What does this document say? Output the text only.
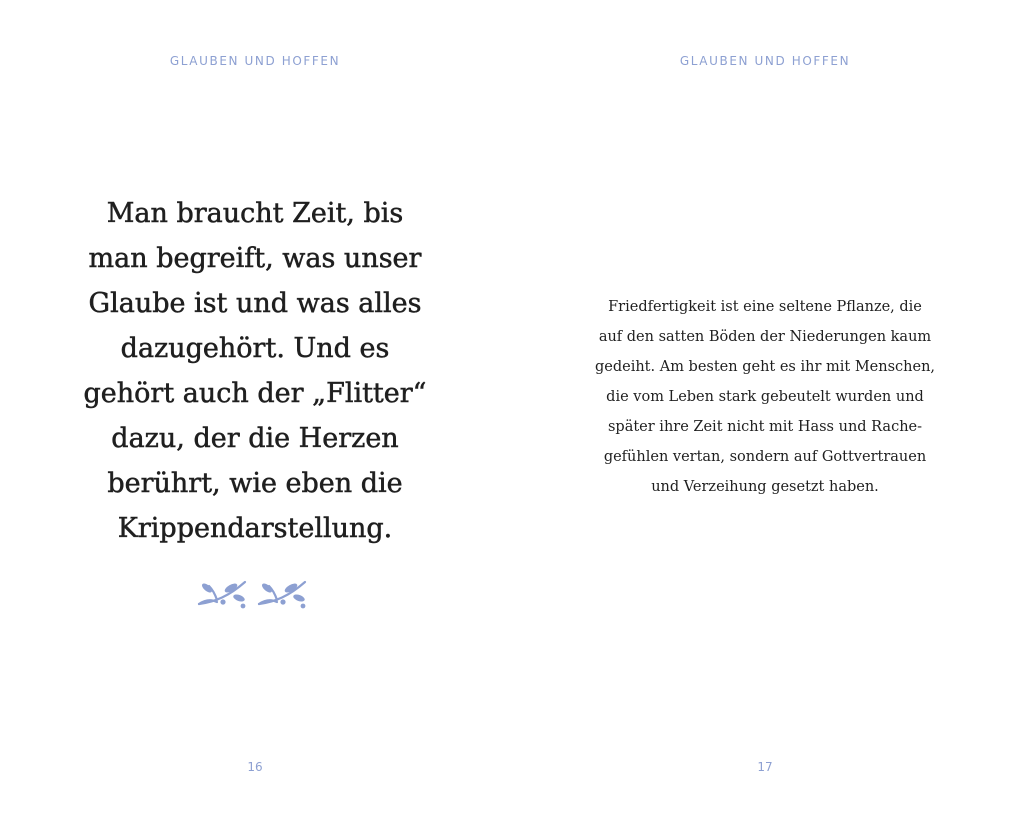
GLAUBEN UND HOFFEN
Man braucht Zeit, bis
man begreift, was unser
Glaube ist und was alles
dazugehört. Und es
gehört auch der „Flitter“
dazu, der die Herzen
berührt, wie eben die
Krippendarstellung.
16
GLAUBEN UND HOFFEN

Friedfertigkeit ist eine seltene Pflanze, die
auf den satten Böden der Niederungen kaum
gedeiht. Am besten geht es ihr mit Menschen,
die vom Leben stark gebeutelt wurden und
später ihre Zeit nicht mit Hass und Rache-
gefühlen vertan, sondern auf Gottvertrauen
und Verzeihung gesetzt haben.

17
